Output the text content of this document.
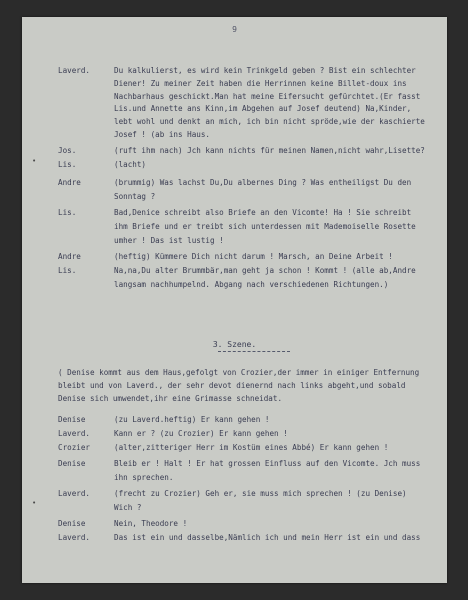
9
Laverd.	Du kalkulierst, es wird kein Trinkgeld geben ? Bist ein schlechter
Diener! Zu meiner Zeit haben die Herrinnen keine Billet-doux ins
Nachbarhaus geschickt.Man hat meine Eifersucht gefürchtet.(Er fasst
Lis.und Annette ans Kinn,im Abgehen auf Josef deutend) Na,Kinder,
lebt wohl und denkt an mich, ich bin nicht spröde,wie der kaschierte
Josef ! (ab ins Haus.
Jos.	(ruft ihm nach) Jch kann nichts für meinen Namen,nicht wahr,Lisette?
Lis.	(lacht)
Andre	(brummig) Was lachst Du,Du albernes Ding ? Was entheiligst Du den
Sonntag ?
Lis.	Bad,Denice schreibt also Briefe an den Vicomte! Ha ! Sie schreibt
ihm Briefe und er treibt sich unterdessen mit Mademoiselle Rosette
umher ! Das ist lustig !
Andre	(heftig) Kümmere Dich nicht darum ! Marsch, an Deine Arbeit !
Lis.	Na,na,Du alter Brummbär,man geht ja schon ! Kommt ! (alle ab,Andre
langsam nachhumpelnd. Abgang nach verschiedenen Richtungen.)
3. Szene.
( Denise kommt aus dem Haus,gefolgt von Crozier,der immer in einiger Entfernung
bleibt und von Laverd., der sehr devot dienernd nach links abgeht,und sobald
Denise sich umwendet,ihr eine Grimasse schneidat.
Denise	(zu Laverd.heftig) Er kann gehen !
Laverd.	Kann er ? (zu Crozier) Er kann gehen !
Crozier	(alter,zitteriger Herr im Kostüm eines Abbé) Er kann gehen !
Denise	Bleib er ! Halt ! Er hat grossen Einfluss auf den Vicomte. Jch muss
ihn sprechen.
Laverd.	(frecht zu Crozier) Geh er, sie muss mich sprechen ! (zu Denise)
Wich ?
Denise	Nein, Theodore !
Laverd.	Das ist ein und dasselbe,Nämlich ich und mein Herr ist ein und dass
•
•
